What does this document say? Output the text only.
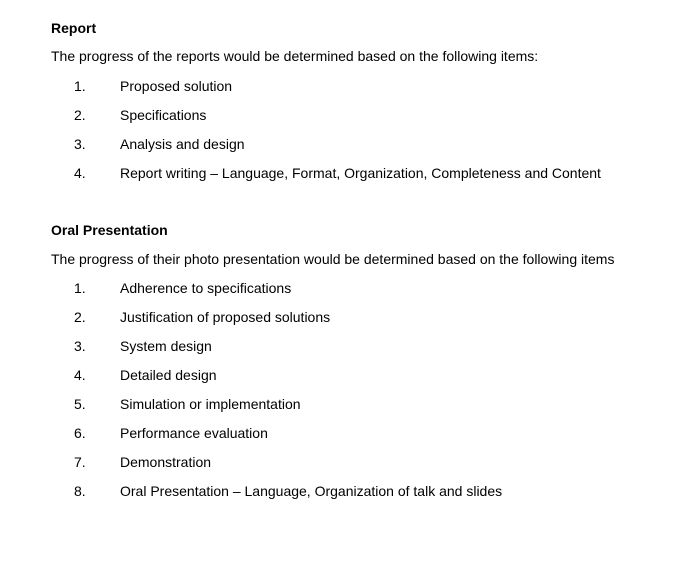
Report
The progress of the reports would be determined based on the following items:
1. Proposed solution
2. Specifications
3. Analysis and design
4. Report writing – Language, Format, Organization, Completeness and Content
Oral Presentation
The progress of their photo presentation would be determined based on the following items
1. Adherence to specifications
2. Justification of proposed solutions
3. System design
4. Detailed design
5. Simulation or implementation
6. Performance evaluation
7. Demonstration
8. Oral Presentation – Language, Organization of talk and slides
